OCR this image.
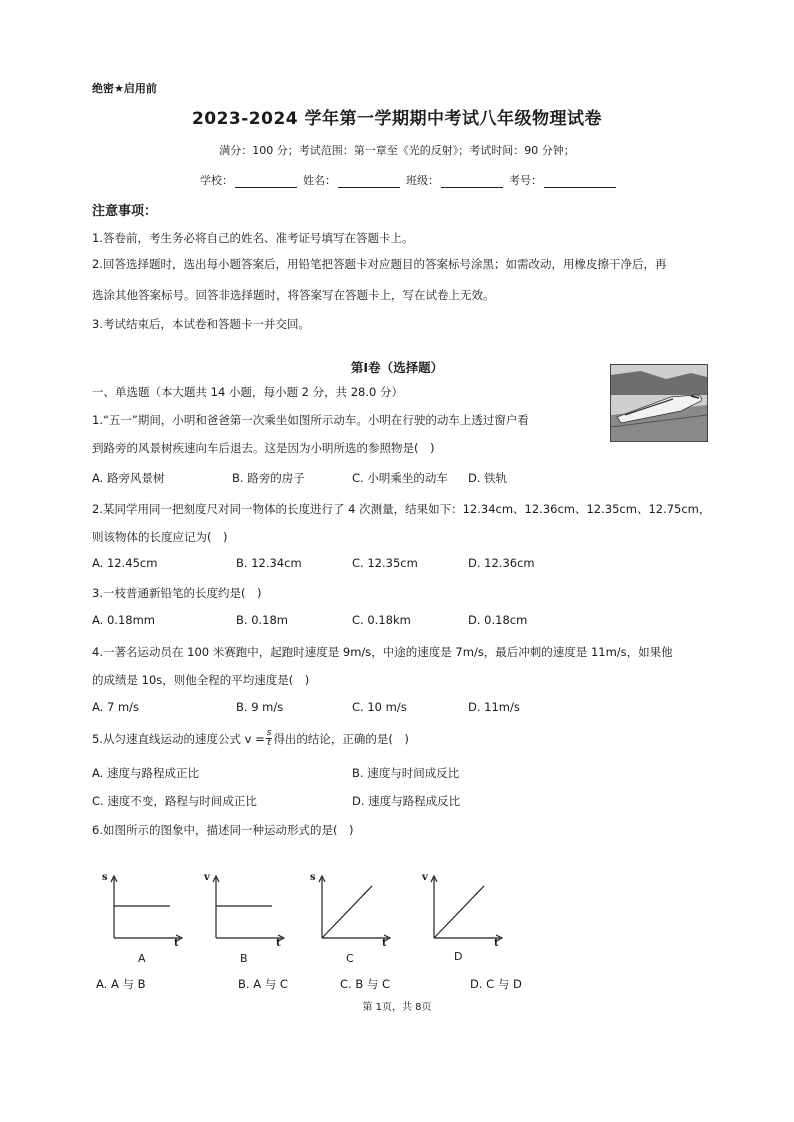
绝密★启用前
2023-2024 学年第一学期期中考试八年级物理试卷
满分：100 分；考试范围：第一章至《光的反射》；考试时间：90 分钟；
学校：	姓名：	班级：	考号：
注意事项：
1.答卷前，考生务必将自己的姓名、准考证号填写在答题卡上。
2.回答选择题时，选出每小题答案后，用铅笔把答题卡对应题目的答案标号涂黑；如需改动，用橡皮擦干净后，再
选涂其他答案标号。回答非选择题时，将答案写在答题卡上，写在试卷上无效。
3.考试结束后，本试卷和答题卡一并交回。
第Ⅰ卷（选择题）
一、单选题（本大题共 14 小题，每小题 2 分，共 28.0 分）
1.“五一”期间，小明和爸爸第一次乘坐如图所示动车。小明在行驶的动车上透过窗户看
到路旁的风景树疾速向车后退去。这是因为小明所选的参照物是(　)
A. 路旁风景树	B. 路旁的房子	C. 小明乘坐的动车 D. 铁轨
2.某同学用同一把刻度尺对同一物体的长度进行了 4 次测量，结果如下：12.34cm、12.36cm、12.35cm、12.75cm，
则该物体的长度应记为(　)
A. 12.45cm	B. 12.34cm	C. 12.35cm	D. 12.36cm
3.一枝普通新铅笔的长度约是(　)
A. 0.18mm	B. 0.18m	C. 0.18km	D. 0.18cm
4.一著名运动员在 100 米赛跑中，起跑时速度是 9m/s，中途的速度是 7m/s，最后冲刺的速度是 11m/s，如果他
的成绩是 10s，则他全程的平均速度是(　)
A. 7 m/s	B. 9 m/s	C. 10 m/s	D. 11m/s
5.从匀速直线运动的速度公式 $v = \frac{s}{t}$ 得出的结论，正确的是(　)
A. 速度与路程成正比	B. 速度与时间成反比
C. 速度不变，路程与时间成正比	D. 速度与路程成反比
6.如图所示的图象中，描述同一种运动形式的是(　)
s
t
A
v
t
B
s
t
C
v
t
D
A. A 与 B	B. A 与 C	C. B 与 C	D. C 与 D
第 1页，共 8页
